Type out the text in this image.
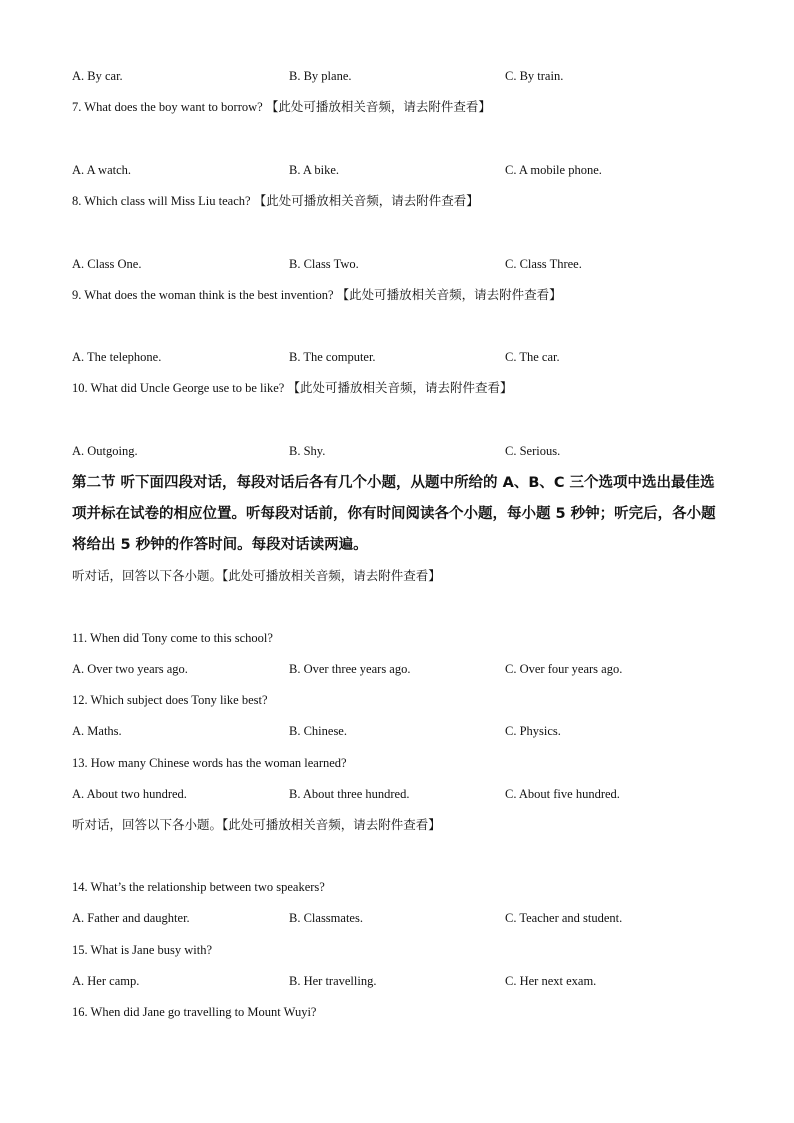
A. By car.	B. By plane.	C. By train.
7. What does the boy want to borrow? 【此处可播放相关音频，请去附件查看】
A. A watch.	B. A bike.	C. A mobile phone.
8. Which class will Miss Liu teach? 【此处可播放相关音频，请去附件查看】
A. Class One.	B. Class Two.	C. Class Three.
9. What does the woman think is the best invention? 【此处可播放相关音频，请去附件查看】
A. The telephone.	B. The computer.	C. The car.
10. What did Uncle George use to be like? 【此处可播放相关音频，请去附件查看】
A. Outgoing.	B. Shy.	C. Serious.
第二节 听下面四段对话，每段对话后各有几个小题，从题中所给的 A、B、C 三个选项中选出最佳选项并标在试卷的相应位置。听每段对话前，你有时间阅读各个小题，每小题 5 秒钟；听完后，各小题将给出 5 秒钟的作答时间。每段对话读两遍。
听对话，回答以下各小题。【此处可播放相关音频，请去附件查看】
11. When did Tony come to this school?
A. Over two years ago.	B. Over three years ago.	C. Over four years ago.
12. Which subject does Tony like best?
A. Maths.	B. Chinese.	C. Physics.
13. How many Chinese words has the woman learned?
A. About two hundred.	B. About three hundred.	C. About five hundred.
听对话，回答以下各小题。【此处可播放相关音频，请去附件查看】
14. What’s the relationship between two speakers?
A. Father and daughter.	B. Classmates.	C. Teacher and student.
15. What is Jane busy with?
A. Her camp.	B. Her travelling.	C. Her next exam.
16. When did Jane go travelling to Mount Wuyi?
